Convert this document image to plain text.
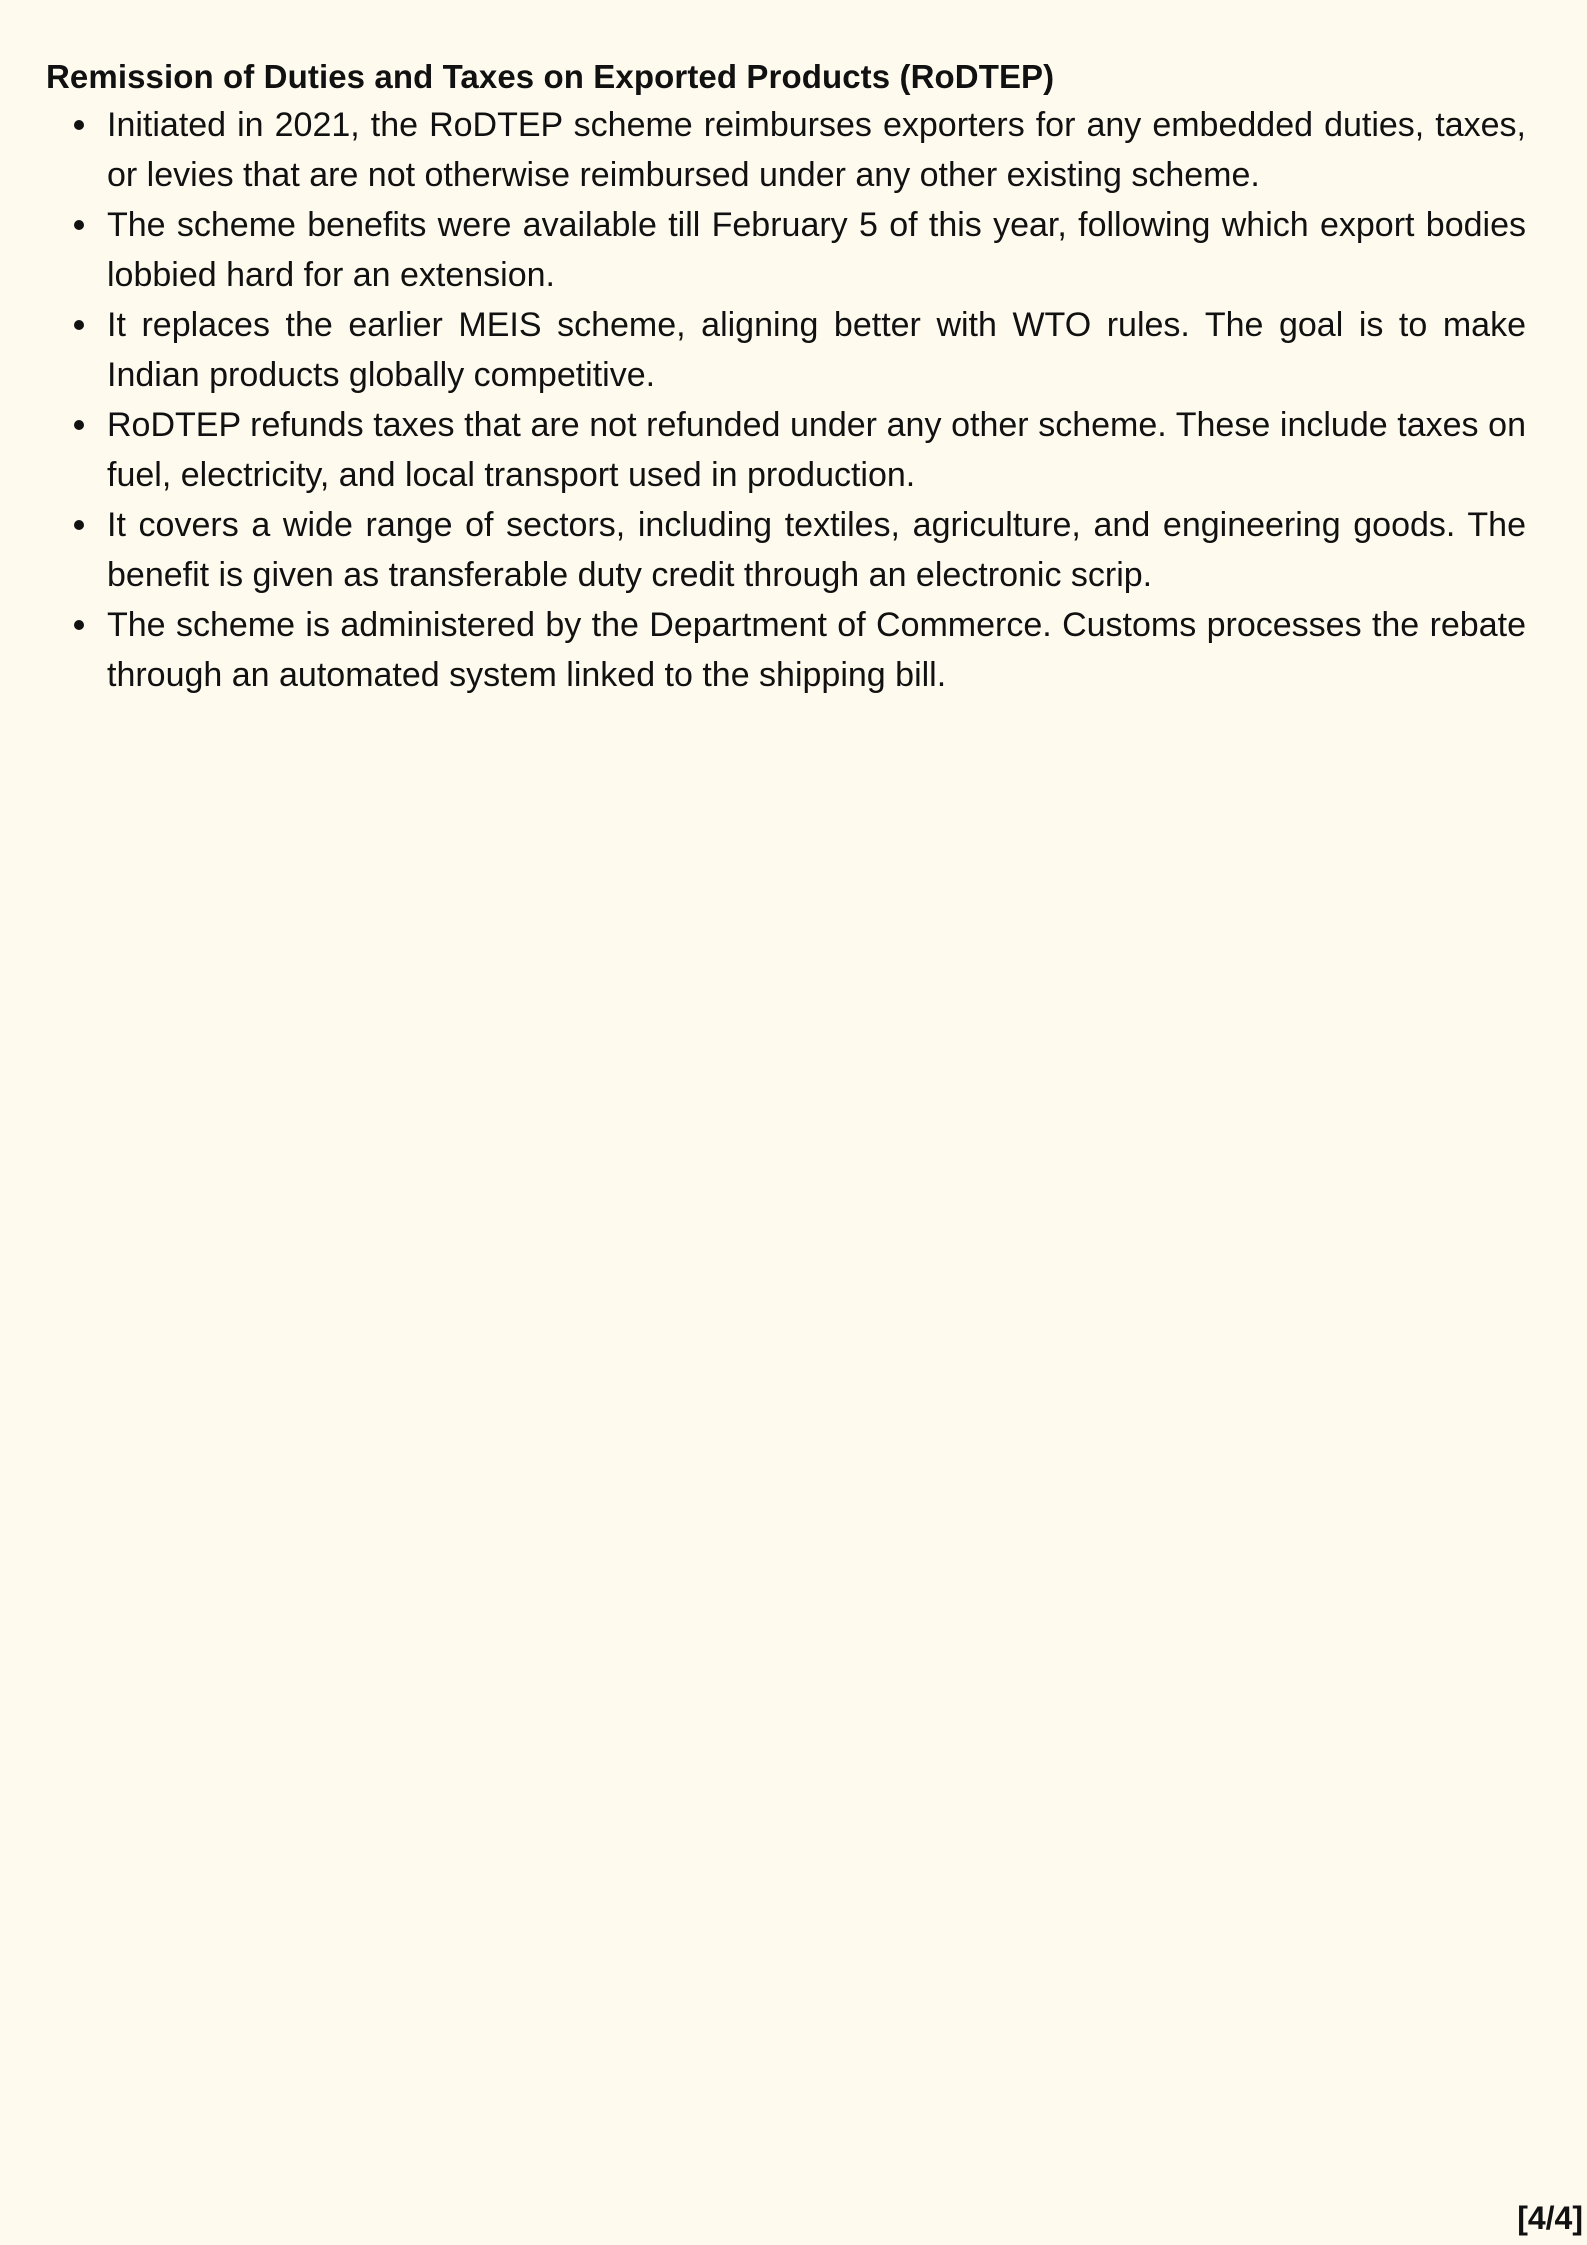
Remission of Duties and Taxes on Exported Products (RoDTEP)
Initiated in 2021, the RoDTEP scheme reimburses exporters for any embedded duties, taxes, or levies that are not otherwise reimbursed under any other existing scheme.
The scheme benefits were available till February 5 of this year, following which export bodies lobbied hard for an extension.
It replaces the earlier MEIS scheme, aligning better with WTO rules. The goal is to make Indian products globally competitive.
RoDTEP refunds taxes that are not refunded under any other scheme. These include taxes on fuel, electricity, and local transport used in production.
It covers a wide range of sectors, including textiles, agriculture, and engineering goods. The benefit is given as transferable duty credit through an electronic scrip.
The scheme is administered by the Department of Commerce. Customs processes the rebate through an automated system linked to the shipping bill.
[4/4]
